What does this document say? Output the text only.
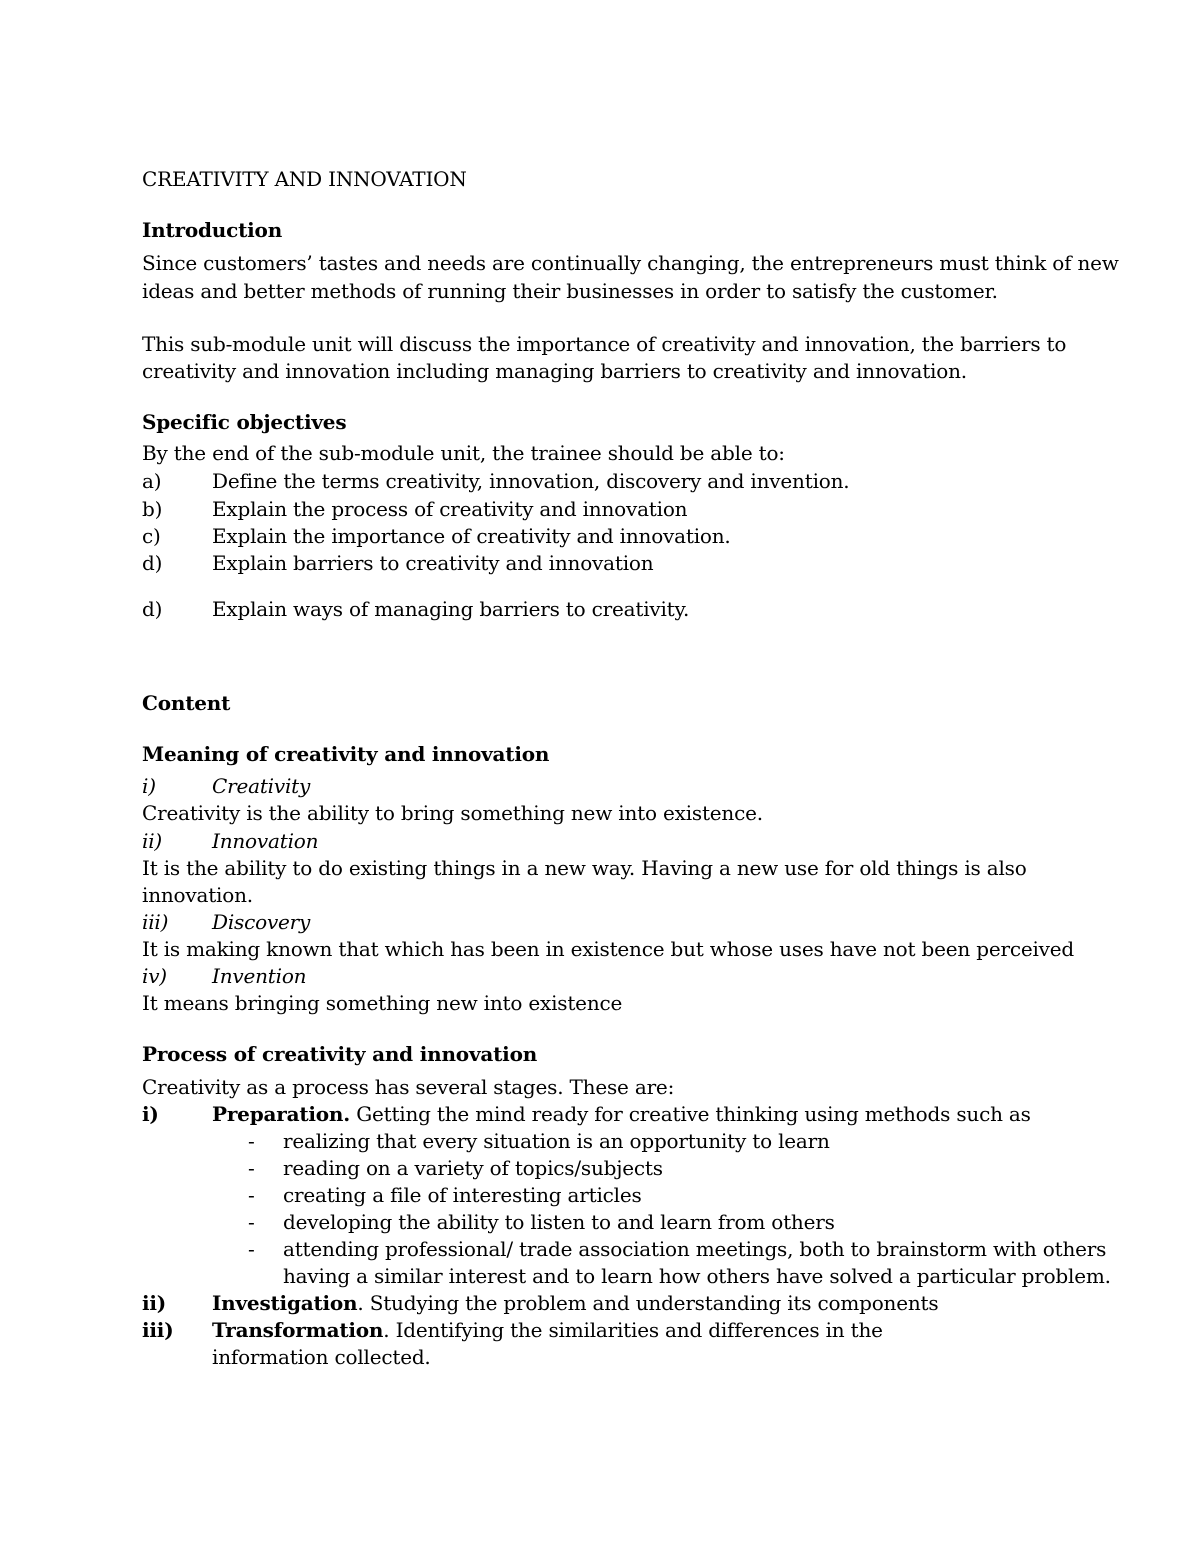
CREATIVITY AND INNOVATION
Introduction
Since customers’ tastes and needs are continually changing, the entrepreneurs must think of new
ideas and better methods of running their businesses in order to satisfy the customer.
This sub-module unit will discuss the importance of creativity and innovation, the barriers to
creativity and innovation including managing barriers to creativity and innovation.
Specific objectives
By the end of the sub-module unit, the trainee should be able to:
a)	Define the terms creativity, innovation, discovery and invention.
b) Explain the process of creativity and innovation
c)	Explain the importance of creativity and innovation.
d) Explain barriers to creativity and innovation
d) Explain ways of managing barriers to creativity.
Content
Meaning of creativity and innovation
i)	Creativity
Creativity is the ability to bring something new into existence.
ii)	Innovation
It is the ability to do existing things in a new way. Having a new use for old things is also
innovation.
iii) Discovery
It is making known that which has been in existence but whose uses have not been perceived
iv) Invention
It means bringing something new into existence
Process of creativity and innovation
Creativity as a process has several stages. These are:
i)	Preparation. Getting the mind ready for creative thinking using methods such as
- realizing that every situation is an opportunity to learn
- reading on a variety of topics/subjects
- creating a file of interesting articles
- developing the ability to listen to and learn from others
- attending professional/ trade association meetings, both to brainstorm with others
having a similar interest and to learn how others have solved a particular problem.
ii) Investigation. Studying the problem and understanding its components
iii) Transformation. Identifying the similarities and differences in the
information collected.
